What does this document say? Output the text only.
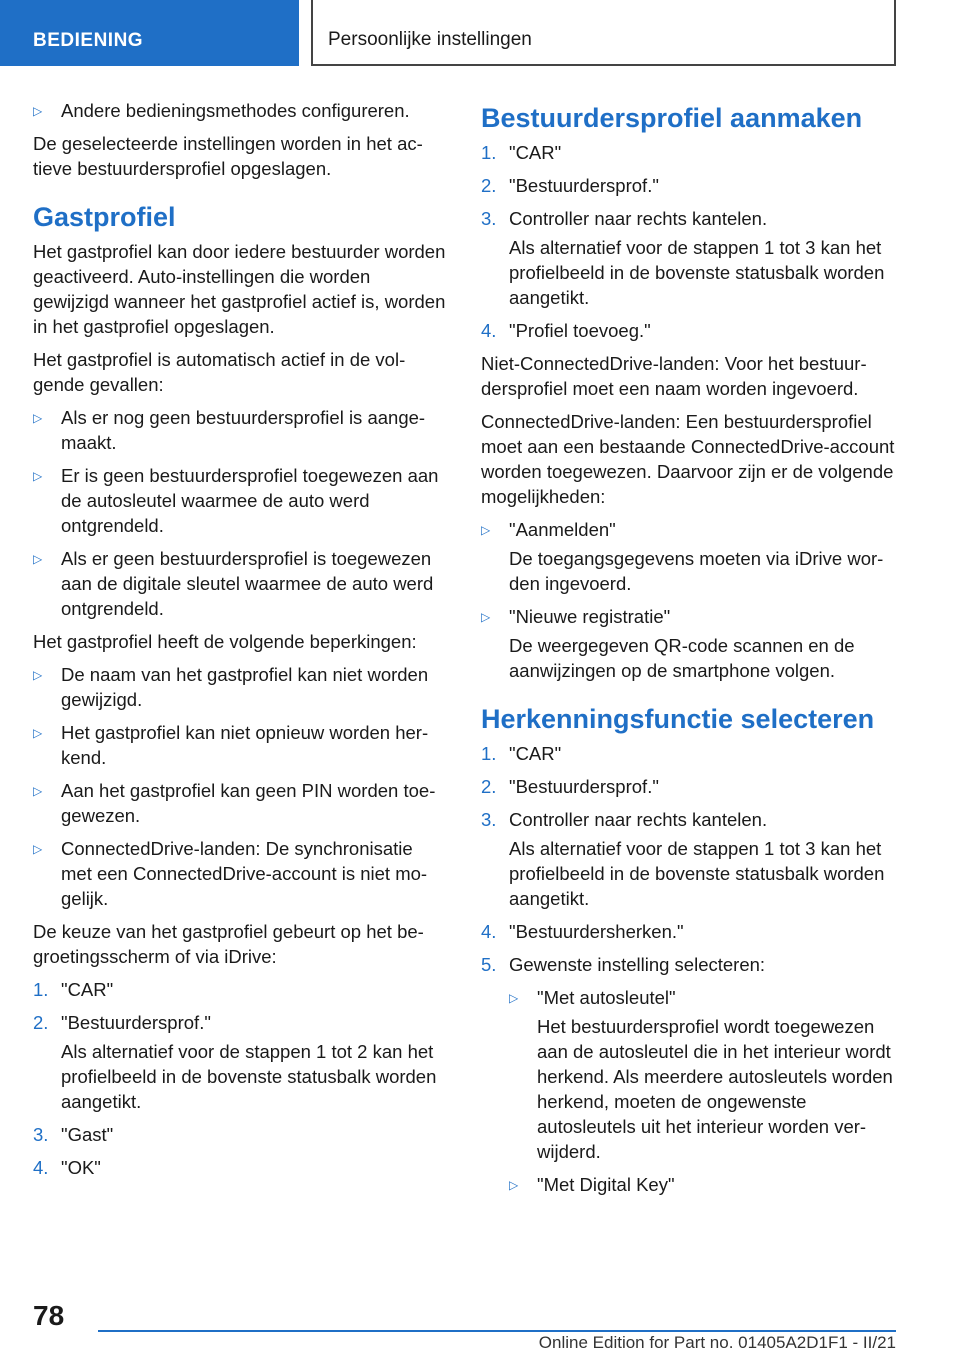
BEDIENING	Persoonlijke instellingen
▷	Andere bedieningsmethodes configureren.

De geselecteerde instellingen worden in het actieve bestuurdersprofiel opgeslagen.

Gastprofiel

Het gastprofiel kan door iedere bestuurder worden geactiveerd. Auto-instellingen die worden gewijzigd wanneer het gastprofiel actief is, worden in het gastprofiel opgeslagen.

Het gastprofiel is automatisch actief in de volgende gevallen:

▷	Als er nog geen bestuurdersprofiel is aangemaakt.
▷	Er is geen bestuurdersprofiel toegewezen aan de autosleutel waarmee de auto werd ontgrendeld.
▷	Als er geen bestuurdersprofiel is toegewezen aan de digitale sleutel waarmee de auto werd ontgrendeld.

Het gastprofiel heeft de volgende beperkingen:

▷	De naam van het gastprofiel kan niet worden gewijzigd.
▷	Het gastprofiel kan niet opnieuw worden herkend.
▷	Aan het gastprofiel kan geen PIN worden toegewezen.
▷	ConnectedDrive-landen: De synchronisatie met een ConnectedDrive-account is niet mogelijk.

De keuze van het gastprofiel gebeurt op het begroetingsscherm of via iDrive:

1. "CAR"
2. "Bestuurdersprof."

Als alternatief voor de stappen 1 tot 2 kan het profielbeeld in de bovenste statusbalk worden aangetikt.

3. "Gast"
4. "OK"
Bestuurdersprofiel aanmaken
1. "CAR"
2. "Bestuurdersprof."
3. Controller naar rechts kantelen.

Als alternatief voor de stappen 1 tot 3 kan het profielbeeld in de bovenste statusbalk worden aangetikt.

4. "Profiel toevoeg."

Niet-ConnectedDrive-landen: Voor het bestuurdersprofiel moet een naam worden ingevoerd.

ConnectedDrive-landen: Een bestuurdersprofiel moet aan een bestaande ConnectedDrive-account worden toegewezen. Daarvoor zijn er de volgende mogelijkheden:

▷	"Aanmelden"

De toegangsgegevens moeten via iDrive worden ingevoerd.

▷	"Nieuwe registratie"

De weergegeven QR-code scannen en de aanwijzingen op de smartphone volgen.

Herkenningsfunctie selecteren
1. "CAR"
2. "Bestuurdersprof."
3. Controller naar rechts kantelen.

Als alternatief voor de stappen 1 tot 3 kan het profielbeeld in de bovenste statusbalk worden aangetikt.

4. "Bestuurdersherken."
5. Gewenste instelling selecteren:
▷	"Met autosleutel"

Het bestuurdersprofiel wordt toegewezen aan de autosleutel die in het interieur wordt herkend. Als meerdere autosleutels worden herkend, moeten de ongewenste autosleutels uit het interieur worden verwijderd.

▷	"Met Digital Key"
78
Online Edition for Part no. 01405A2D1F1 - II/21
